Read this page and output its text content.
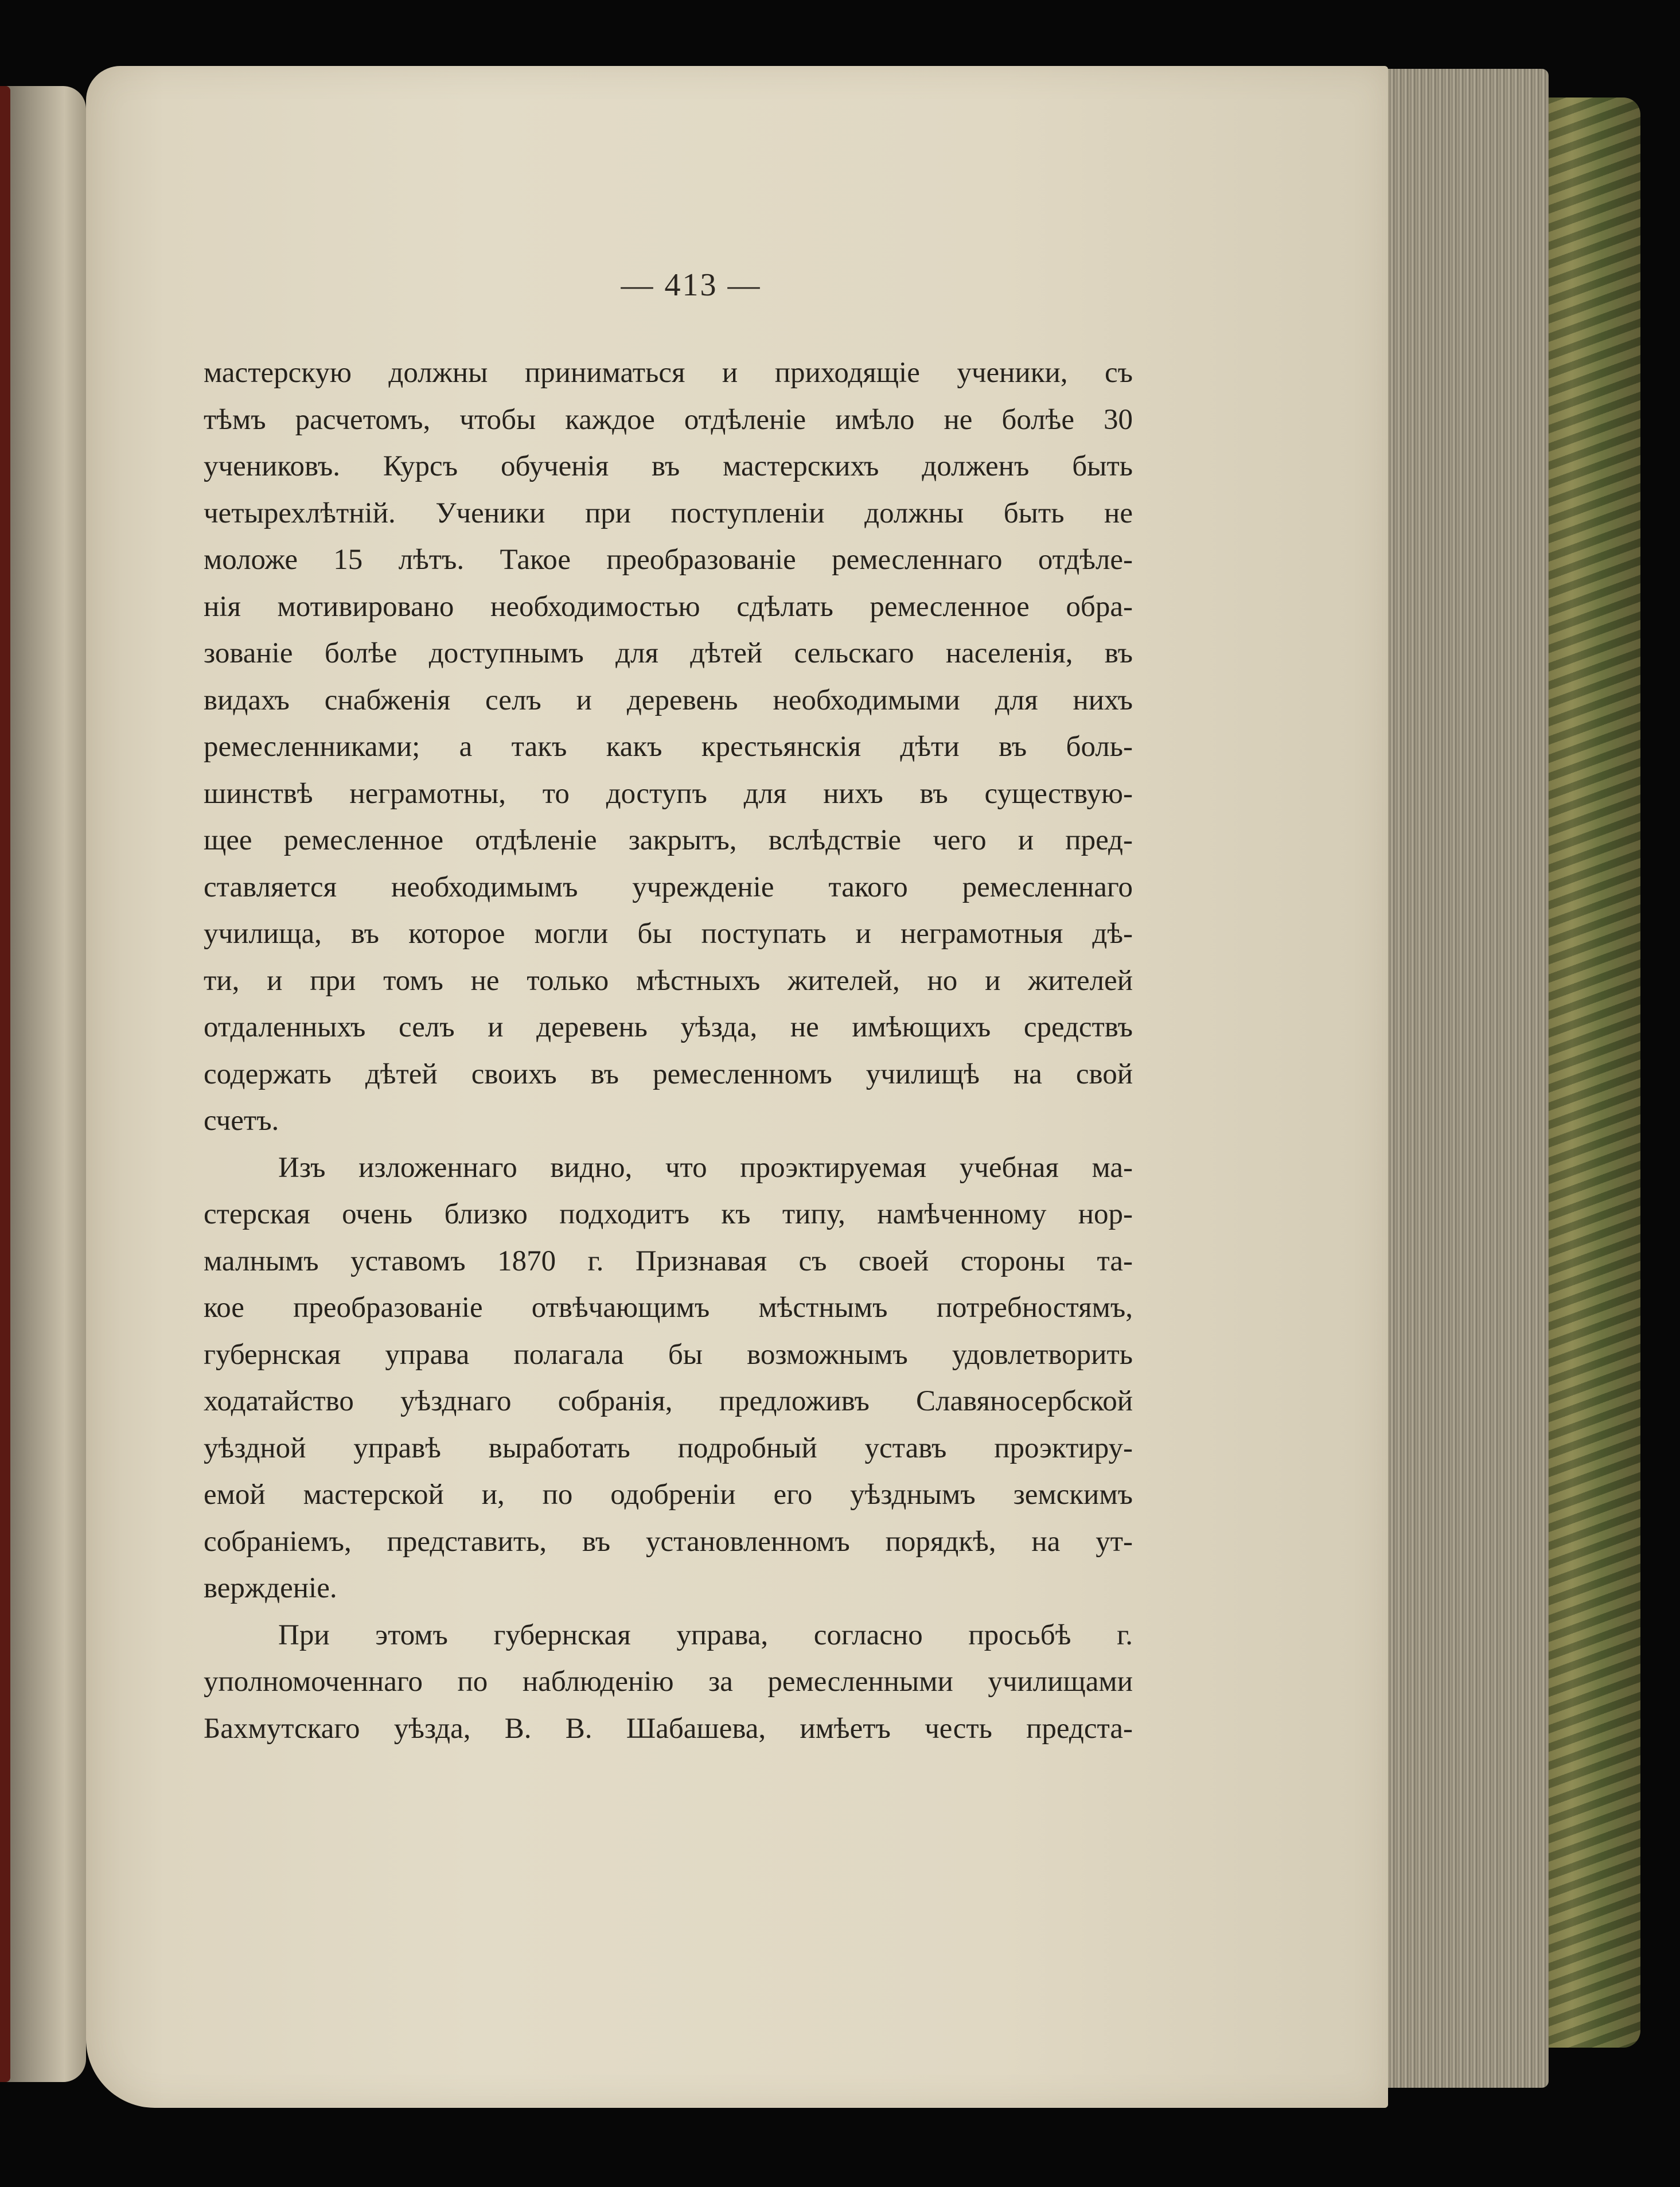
— 413 —
мастерскую должны приниматься и приходящіе ученики, съ
тѣмъ расчетомъ, чтобы каждое отдѣленіе имѣло не болѣе 30
учениковъ. Курсъ обученія въ мастерскихъ долженъ быть
четырехлѣтній. Ученики при поступленіи должны быть не
моложе 15 лѣтъ. Такое преобразованіе ремесленнаго отдѣле-
нія мотивировано необходимостью сдѣлать ремесленное обра-
зованіе болѣе доступнымъ для дѣтей сельскаго населенія, въ
видахъ снабженія селъ и деревень необходимыми для нихъ
ремесленниками; а такъ какъ крестьянскія дѣти въ боль-
шинствѣ неграмотны, то доступъ для нихъ въ существую-
щее ремесленное отдѣленіе закрытъ, вслѣдствіе чего и пред-
ставляется необходимымъ учрежденіе такого ремесленнаго
училища, въ которое могли бы поступать и неграмотныя дѣ-
ти, и при томъ не только мѣстныхъ жителей, но и жителей
отдаленныхъ селъ и деревень уѣзда, не имѣющихъ средствъ
содержать дѣтей своихъ въ ремесленномъ училищѣ на свой
счетъ.
Изъ изложеннаго видно, что проэктируемая учебная ма-
стерская очень близко подходитъ къ типу, намѣченному нор-
малнымъ уставомъ 1870 г. Признавая съ своей стороны та-
кое преобразованіе отвѣчающимъ мѣстнымъ потребностямъ,
губернская управа полагала бы возможнымъ удовлетворить
ходатайство уѣзднаго собранія, предложивъ Славяносербской
уѣздной управѣ выработать подробный уставъ проэктиру-
емой мастерской и, по одобреніи его уѣзднымъ земскимъ
собраніемъ, представить, въ установленномъ порядкѣ, на ут-
вержденіе.
При этомъ губернская управа, согласно просьбѣ г.
уполномоченнаго по наблюденію за ремесленными училищами
Бахмутскаго уѣзда, В. В. Шабашева, имѣетъ честь предста-
